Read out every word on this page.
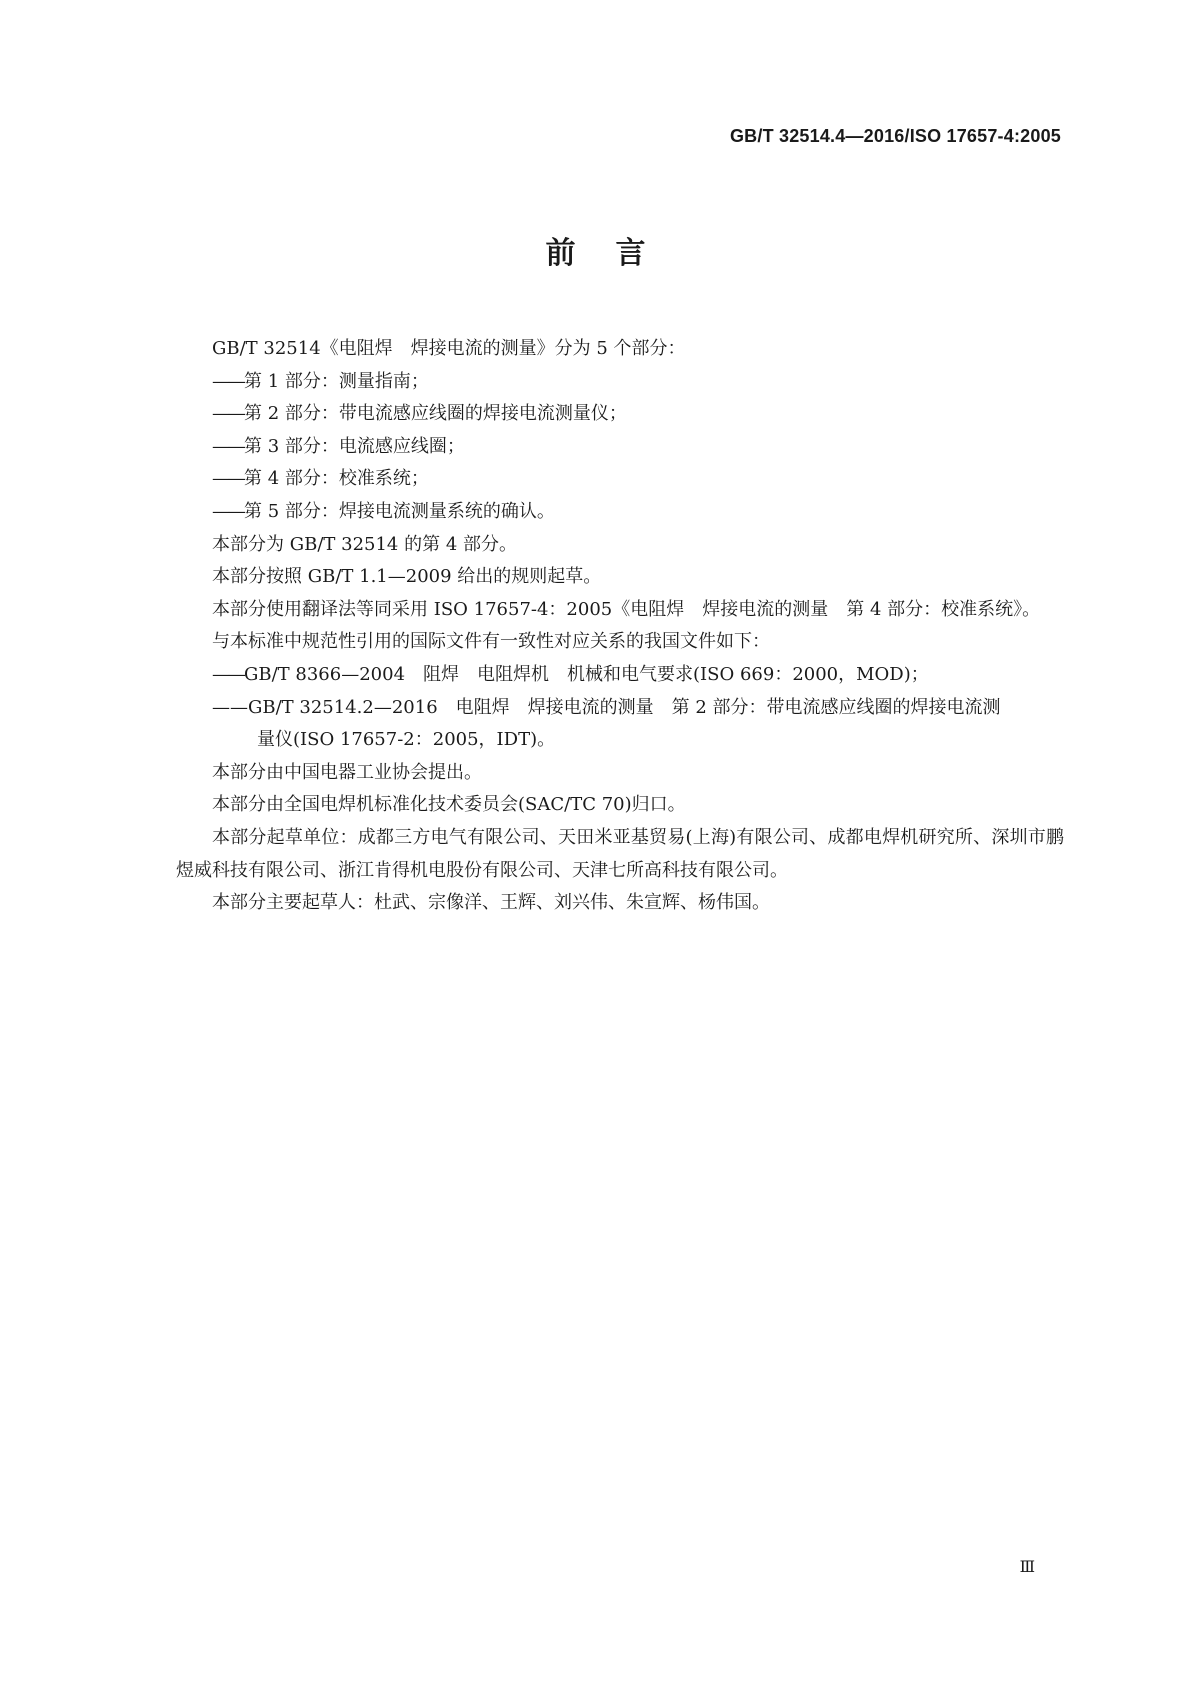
GB/T 32514.4—2016/ISO 17657-4:2005
前言

GB/T 32514《电阻焊　焊接电流的测量》分为 5 个部分：

——第 1 部分：测量指南；

——第 2 部分：带电流感应线圈的焊接电流测量仪；

——第 3 部分：电流感应线圈；

——第 4 部分：校准系统；

——第 5 部分：焊接电流测量系统的确认。

本部分为 GB/T 32514 的第 4 部分。

本部分按照 GB/T 1.1—2009 给出的规则起草。

本部分使用翻译法等同采用 ISO 17657-4：2005《电阻焊　焊接电流的测量　第 4 部分：校准系统》。

与本标准中规范性引用的国际文件有一致性对应关系的我国文件如下：

——GB/T 8366—2004　阻焊　电阻焊机　机械和电气要求(ISO 669：2000，MOD)；

——GB/T 32514.2—2016　电阻焊　焊接电流的测量　第 2 部分：带电流感应线圈的焊接电流测
量仪(ISO 17657-2：2005，IDT)。

本部分由中国电器工业协会提出。

本部分由全国电焊机标准化技术委员会(SAC/TC 70)归口。

本部分起草单位：成都三方电气有限公司、天田米亚基贸易(上海)有限公司、成都电焊机研究所、深圳市鹏煜威科技有限公司、浙江肯得机电股份有限公司、天津七所高科技有限公司。

本部分主要起草人：杜武、宗像洋、王辉、刘兴伟、朱宣辉、杨伟国。

Ⅲ
